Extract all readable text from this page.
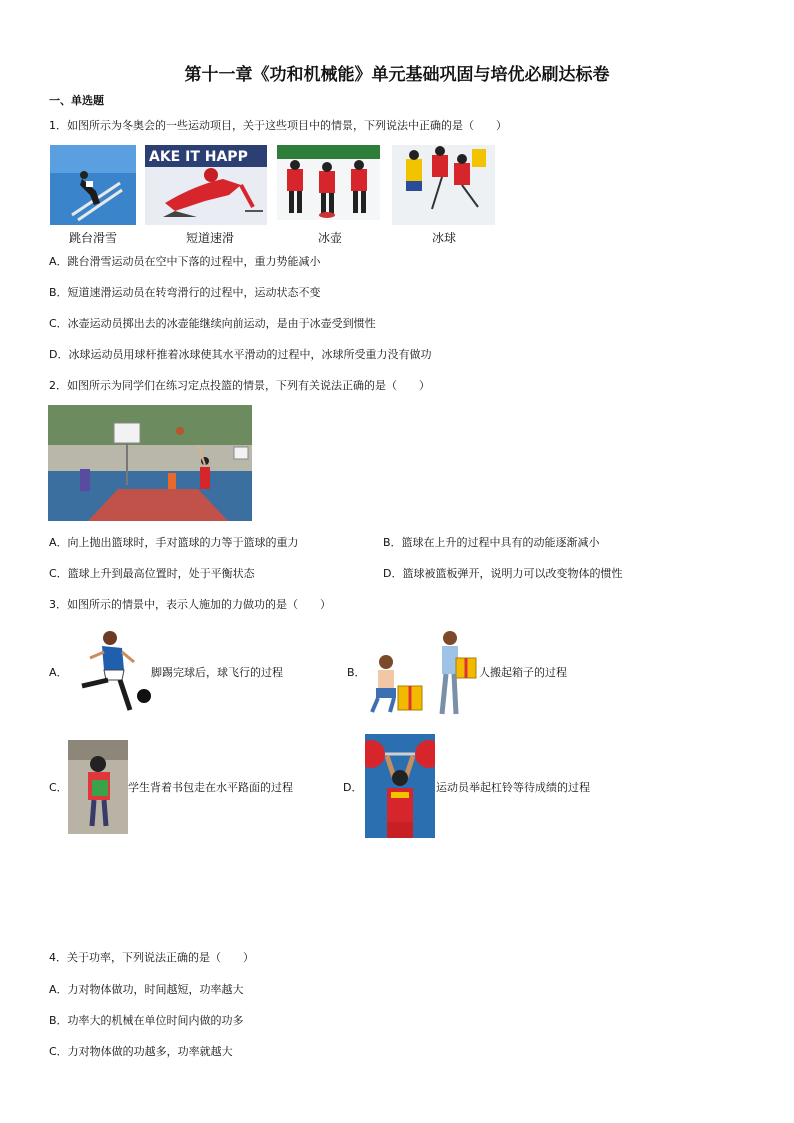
第十一章《功和机械能》单元基础巩固与培优必刷达标卷
一、单选题
1．如图所示为冬奥会的一些运动项目，关于这些项目中的情景，下列说法中正确的是（　　）
AKE IT HAPP
跳台滑雪	短道速滑	冰壶	冰球
A．跳台滑雪运动员在空中下落的过程中，重力势能减小
B．短道速滑运动员在转弯滑行的过程中，运动状态不变
C．冰壶运动员掷出去的冰壶能继续向前运动，是由于冰壶受到惯性
D．冰球运动员用球杆推着冰球使其水平滑动的过程中，冰球所受重力没有做功
2．如图所示为同学们在练习定点投篮的情景，下列有关说法正确的是（　　）
A．向上抛出篮球时，手对篮球的力等于篮球的重力	B．篮球在上升的过程中具有的动能逐渐减小
C．篮球上升到最高位置时，处于平衡状态	D．篮球被篮板弹开，说明力可以改变物体的惯性
3．如图所示的情景中，表示人施加的力做功的是（　　）
A．	脚踢完球后，球飞行的过程	B．	人搬起箱子的过程
C．	学生背着书包走在水平路面的过程	D．	运动员举起杠铃等待成绩的过程
4．关于功率，下列说法正确的是（　　）
A．力对物体做功，时间越短，功率越大
B．功率大的机械在单位时间内做的功多
C．力对物体做的功越多，功率就越大
